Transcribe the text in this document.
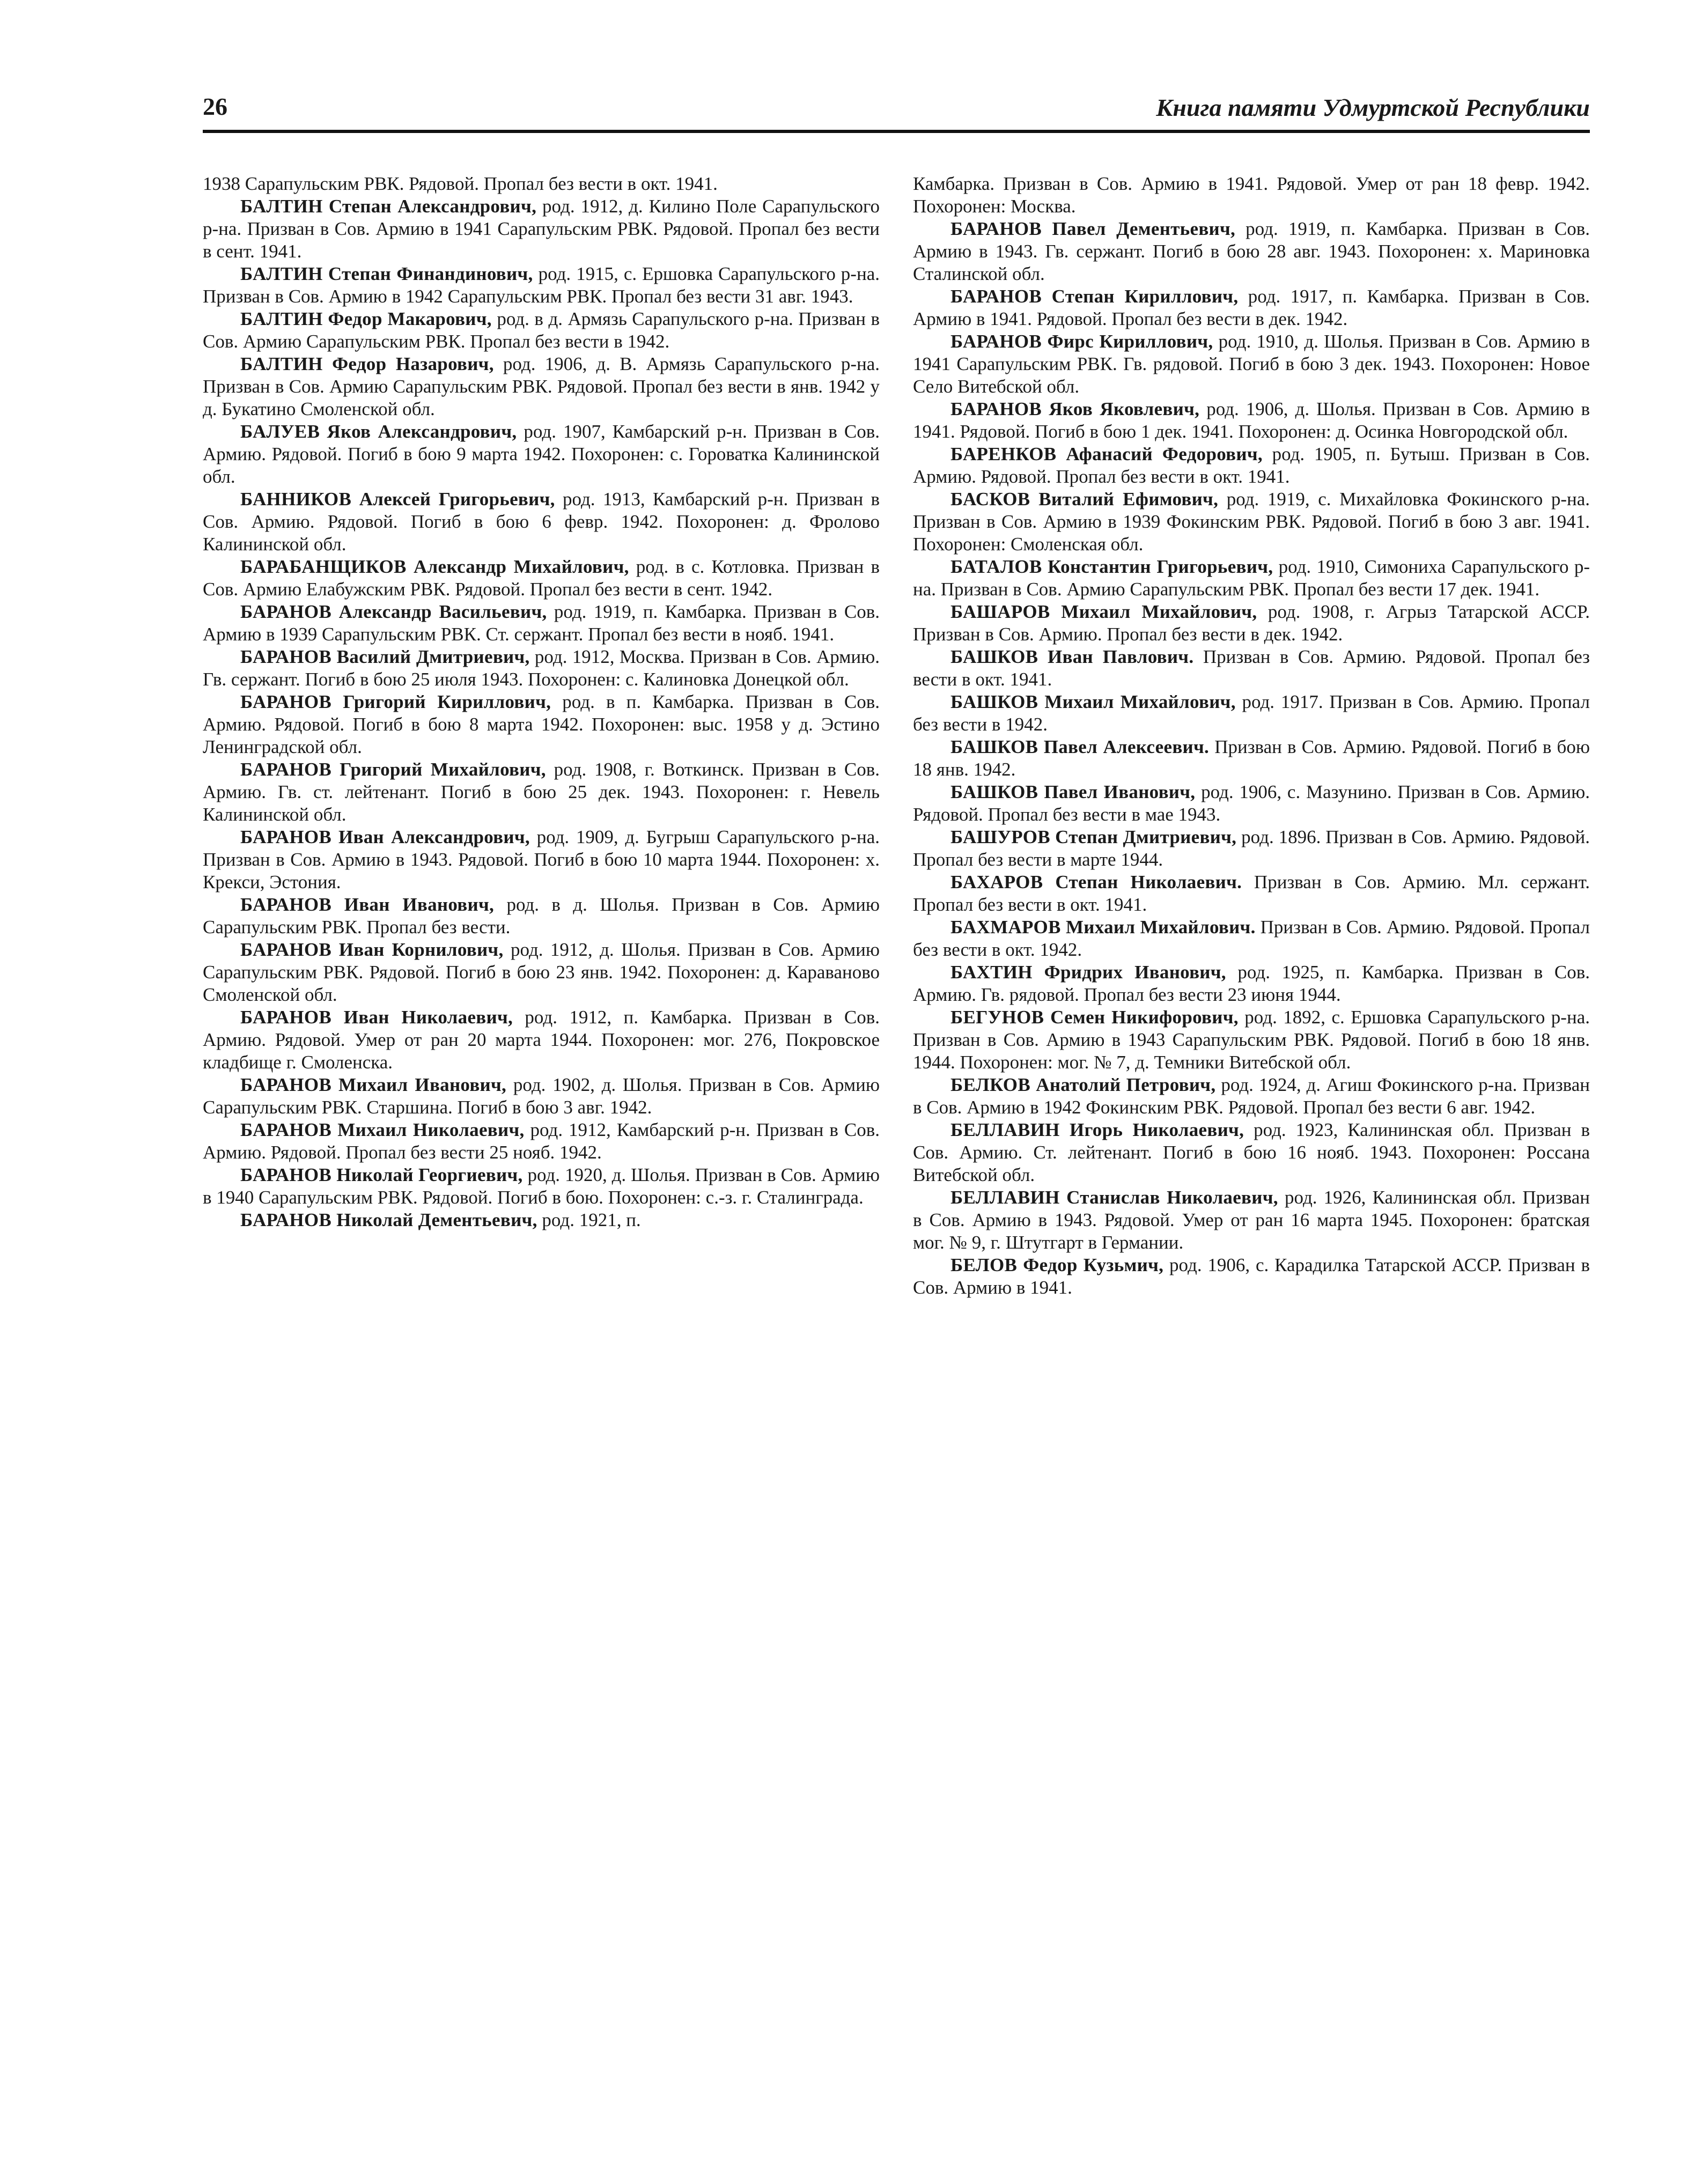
26	Книга памяти Удмуртской Республики

1938 Сарапульским РВК. Рядовой. Пропал без вести в окт. 1941.

БАЛТИН Степан Александрович, род. 1912, д. Килино Поле Сарапульского р-на. Призван в Сов. Армию в 1941 Сарапульским РВК. Рядовой. Пропал без вести в сент. 1941.

БАЛТИН Степан Финандинович, род. 1915, с. Ершовка Сарапульского р-на. Призван в Сов. Армию в 1942 Сарапульским РВК. Пропал без вести 31 авг. 1943.

БАЛТИН Федор Макарович, род. в д. Армязь Сарапульского р-на. Призван в Сов. Армию Сарапульским РВК. Пропал без вести в 1942.

БАЛТИН Федор Назарович, род. 1906, д. В. Армязь Сарапульского р-на. Призван в Сов. Армию Сарапульским РВК. Рядовой. Пропал без вести в янв. 1942 у д. Букатино Смоленской обл.

БАЛУЕВ Яков Александрович, род. 1907, Камбарский р-н. Призван в Сов. Армию. Рядовой. Погиб в бою 9 марта 1942. Похоронен: с. Гороватка Калининской обл.

БАННИКОВ Алексей Григорьевич, род. 1913, Камбарский р-н. Призван в Сов. Армию. Рядовой. Погиб в бою 6 февр. 1942. Похоронен: д. Фролово Калининской обл.

БАРАБАНЩИКОВ Александр Михайлович, род. в с. Котловка. Призван в Сов. Армию Елабужским РВК. Рядовой. Пропал без вести в сент. 1942.

БАРАНОВ Александр Васильевич, род. 1919, п. Камбарка. Призван в Сов. Армию в 1939 Сарапульским РВК. Ст. сержант. Пропал без вести в нояб. 1941.

БАРАНОВ Василий Дмитриевич, род. 1912, Москва. Призван в Сов. Армию. Гв. сержант. Погиб в бою 25 июля 1943. Похоронен: с. Калиновка Донецкой обл.

БАРАНОВ Григорий Кириллович, род. в п. Камбарка. Призван в Сов. Армию. Рядовой. Погиб в бою 8 марта 1942. Похоронен: выс. 1958 у д. Эстино Ленинградской обл.

БАРАНОВ Григорий Михайлович, род. 1908, г. Воткинск. Призван в Сов. Армию. Гв. ст. лейтенант. Погиб в бою 25 дек. 1943. Похоронен: г. Невель Калининской обл.

БАРАНОВ Иван Александрович, род. 1909, д. Бугрыш Сарапульского р-на. Призван в Сов. Армию в 1943. Рядовой. Погиб в бою 10 марта 1944. Похоронен: х. Крекси, Эстония.

БАРАНОВ Иван Иванович, род. в д. Шолья. Призван в Сов. Армию Сарапульским РВК. Пропал без вести.

БАРАНОВ Иван Корнилович, род. 1912, д. Шолья. Призван в Сов. Армию Сарапульским РВК. Рядовой. Погиб в бою 23 янв. 1942. Похоронен: д. Караваново Смоленской обл.

БАРАНОВ Иван Николаевич, род. 1912, п. Камбарка. Призван в Сов. Армию. Рядовой. Умер от ран 20 марта 1944. Похоронен: мог. 276, Покровское кладбище г. Смоленска.

БАРАНОВ Михаил Иванович, род. 1902, д. Шолья. Призван в Сов. Армию Сарапульским РВК. Старшина. Погиб в бою 3 авг. 1942.

БАРАНОВ Михаил Николаевич, род. 1912, Камбарский р-н. Призван в Сов. Армию. Рядовой. Пропал без вести 25 нояб. 1942.

БАРАНОВ Николай Георгиевич, род. 1920, д. Шолья. Призван в Сов. Армию в 1940 Сарапульским РВК. Рядовой. Погиб в бою. Похоронен: с.-з. г. Сталинграда.

БАРАНОВ Николай Дементьевич, род. 1921, п.

Камбарка. Призван в Сов. Армию в 1941. Рядовой. Умер от ран 18 февр. 1942. Похоронен: Москва.

БАРАНОВ Павел Дементьевич, род. 1919, п. Камбарка. Призван в Сов. Армию в 1943. Гв. сержант. Погиб в бою 28 авг. 1943. Похоронен: х. Мариновка Сталинской обл.

БАРАНОВ Степан Кириллович, род. 1917, п. Камбарка. Призван в Сов. Армию в 1941. Рядовой. Пропал без вести в дек. 1942.

БАРАНОВ Фирс Кириллович, род. 1910, д. Шолья. Призван в Сов. Армию в 1941 Сарапульским РВК. Гв. рядовой. Погиб в бою 3 дек. 1943. Похоронен: Новое Село Витебской обл.

БАРАНОВ Яков Яковлевич, род. 1906, д. Шолья. Призван в Сов. Армию в 1941. Рядовой. Погиб в бою 1 дек. 1941. Похоронен: д. Осинка Новгородской обл.

БАРЕНКОВ Афанасий Федорович, род. 1905, п. Бутыш. Призван в Сов. Армию. Рядовой. Пропал без вести в окт. 1941.

БАСКОВ Виталий Ефимович, род. 1919, с. Михайловка Фокинского р-на. Призван в Сов. Армию в 1939 Фокинским РВК. Рядовой. Погиб в бою 3 авг. 1941. Похоронен: Смоленская обл.

БАТАЛОВ Константин Григорьевич, род. 1910, Симониха Сарапульского р-на. Призван в Сов. Армию Сарапульским РВК. Пропал без вести 17 дек. 1941.

БАШАРОВ Михаил Михайлович, род. 1908, г. Агрыз Татарской АССР. Призван в Сов. Армию. Пропал без вести в дек. 1942.

БАШКОВ Иван Павлович. Призван в Сов. Армию. Рядовой. Пропал без вести в окт. 1941.

БАШКОВ Михаил Михайлович, род. 1917. Призван в Сов. Армию. Пропал без вести в 1942.

БАШКОВ Павел Алексеевич. Призван в Сов. Армию. Рядовой. Погиб в бою 18 янв. 1942.

БАШКОВ Павел Иванович, род. 1906, с. Мазунино. Призван в Сов. Армию. Рядовой. Пропал без вести в мае 1943.

БАШУРОВ Степан Дмитриевич, род. 1896. Призван в Сов. Армию. Рядовой. Пропал без вести в марте 1944.

БАХАРОВ Степан Николаевич. Призван в Сов. Армию. Мл. сержант. Пропал без вести в окт. 1941.

БАХМАРОВ Михаил Михайлович. Призван в Сов. Армию. Рядовой. Пропал без вести в окт. 1942.

БАХТИН Фридрих Иванович, род. 1925, п. Камбарка. Призван в Сов. Армию. Гв. рядовой. Пропал без вести 23 июня 1944.

БЕГУНОВ Семен Никифорович, род. 1892, с. Ершовка Сарапульского р-на. Призван в Сов. Армию в 1943 Сарапульским РВК. Рядовой. Погиб в бою 18 янв. 1944. Похоронен: мог. № 7, д. Темники Витебской обл.

БЕЛКОВ Анатолий Петрович, род. 1924, д. Агиш Фокинского р-на. Призван в Сов. Армию в 1942 Фокинским РВК. Рядовой. Пропал без вести 6 авг. 1942.

БЕЛЛАВИН Игорь Николаевич, род. 1923, Калининская обл. Призван в Сов. Армию. Ст. лейтенант. Погиб в бою 16 нояб. 1943. Похоронен: Россана Витебской обл.

БЕЛЛАВИН Станислав Николаевич, род. 1926, Калининская обл. Призван в Сов. Армию в 1943. Рядовой. Умер от ран 16 марта 1945. Похоронен: братская мог. № 9, г. Штутгарт в Германии.

БЕЛОВ Федор Кузьмич, род. 1906, с. Карадилка Татарской АССР. Призван в Сов. Армию в 1941.
